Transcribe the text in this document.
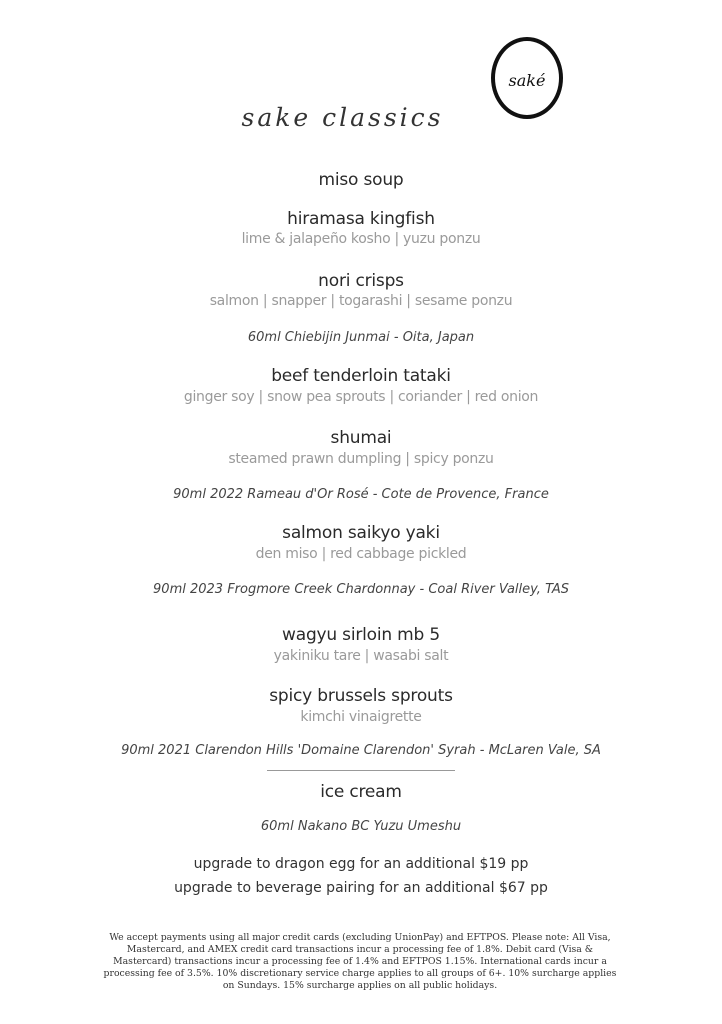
saké
sake classics
miso soup
hiramasa kingfish
lime & jalapeño kosho | yuzu ponzu
nori crisps
salmon | snapper | togarashi | sesame ponzu
60ml Chiebijin Junmai - Oita, Japan
beef tenderloin tataki
ginger soy | snow pea sprouts | coriander | red onion
shumai
steamed prawn dumpling | spicy ponzu
90ml 2022 Rameau d'Or Rosé - Cote de Provence, France
salmon saikyo yaki
den miso | red cabbage pickled
90ml 2023 Frogmore Creek Chardonnay - Coal River Valley, TAS
wagyu sirloin mb 5
yakiniku tare | wasabi salt
spicy brussels sprouts
kimchi vinaigrette
90ml 2021 Clarendon Hills 'Domaine Clarendon' Syrah - McLaren Vale, SA
ice cream
60ml Nakano BC Yuzu Umeshu
upgrade to dragon egg for an additional $19 pp
upgrade to beverage pairing for an additional $67 pp
We accept payments using all major credit cards (excluding UnionPay) and EFTPOS. Please note: All Visa, Mastercard, and AMEX credit card transactions incur a processing fee of 1.8%. Debit card (Visa & Mastercard) transactions incur a processing fee of 1.4% and EFTPOS 1.15%. International cards incur a processing fee of 3.5%. 10% discretionary service charge applies to all groups of 6+. 10% surcharge applies on Sundays. 15% surcharge applies on all public holidays.
